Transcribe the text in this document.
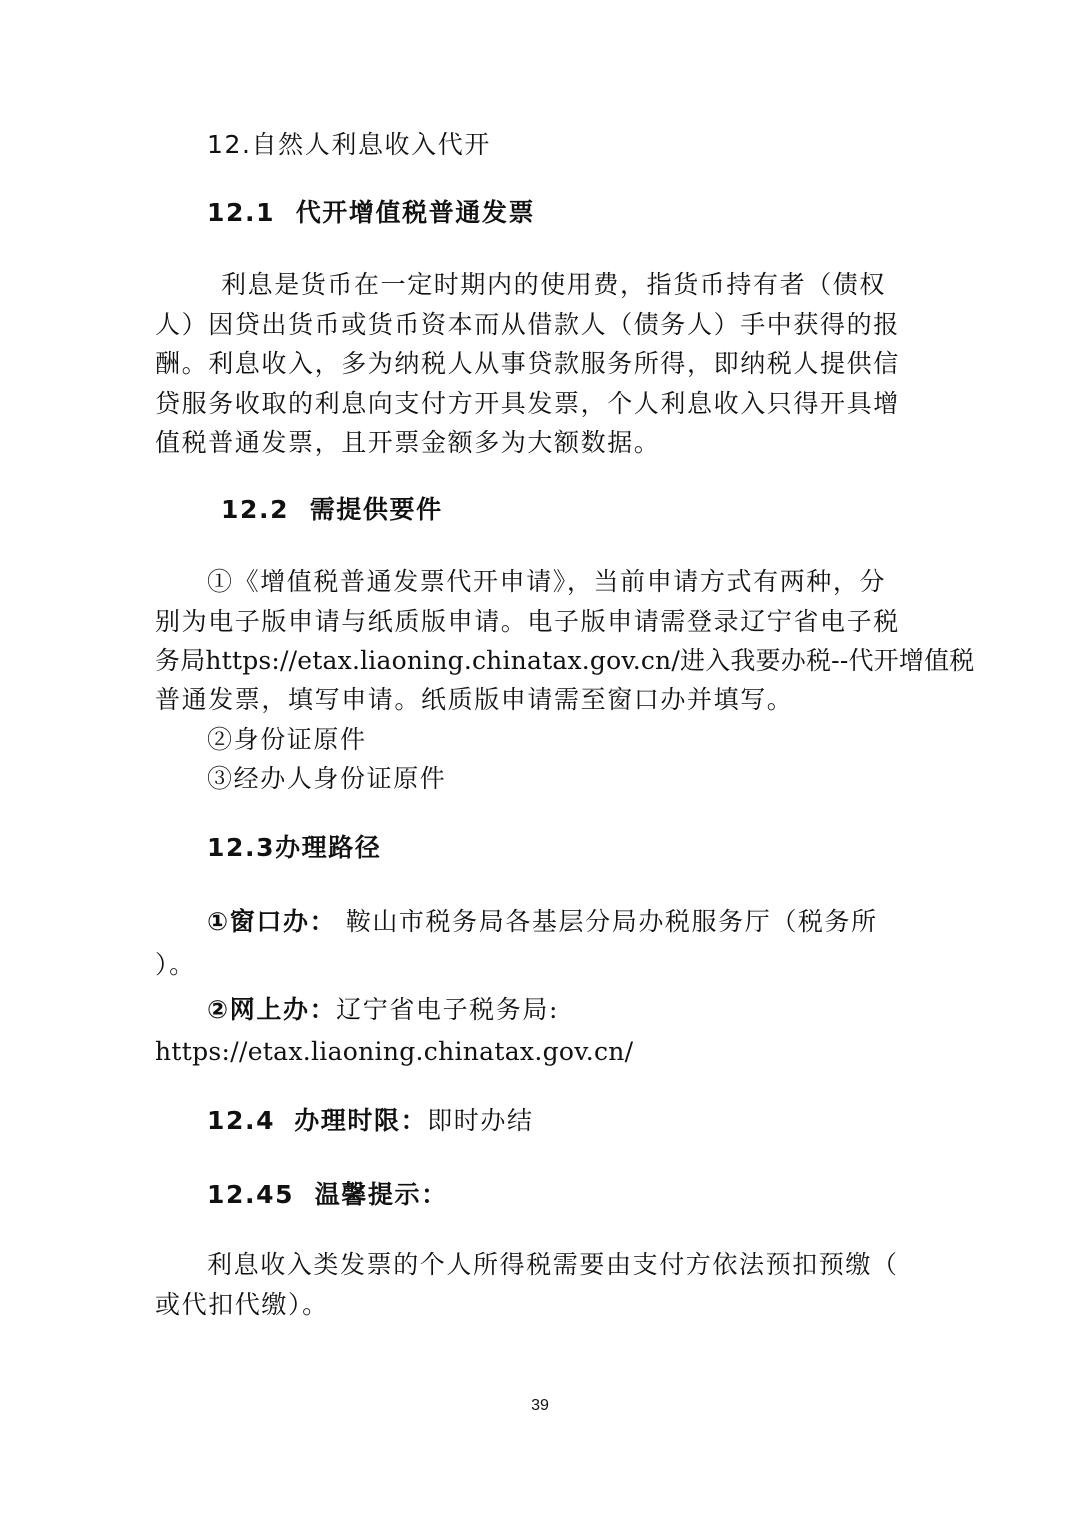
12.自然人利息收入代开
12.1 代开增值税普通发票
利息是货币在一定时期内的使用费，指货币持有者（债权
人）因贷出货币或货币资本而从借款人（债务人）手中获得的报
酬。利息收入，多为纳税人从事贷款服务所得，即纳税人提供信
贷服务收取的利息向支付方开具发票，个人利息收入只得开具增
值税普通发票，且开票金额多为大额数据。
12.2 需提供要件
①《增值税普通发票代开申请》，当前申请方式有两种，分
别为电子版申请与纸质版申请。电子版申请需登录辽宁省电子税
务局https://etax.liaoning.chinatax.gov.cn/进入我要办税--代开增值税
普通发票，填写申请。纸质版申请需至窗口办并填写。
②身份证原件
③经办人身份证原件
12.3办理路径
①窗口办： 鞍山市税务局各基层分局办税服务厅（税务所
）。
②网上办：辽宁省电子税务局:
https://etax.liaoning.chinatax.gov.cn/
12.4 办理时限：即时办结
12.45 温馨提示：
利息收入类发票的个人所得税需要由支付方依法预扣预缴（
或代扣代缴）。
39
